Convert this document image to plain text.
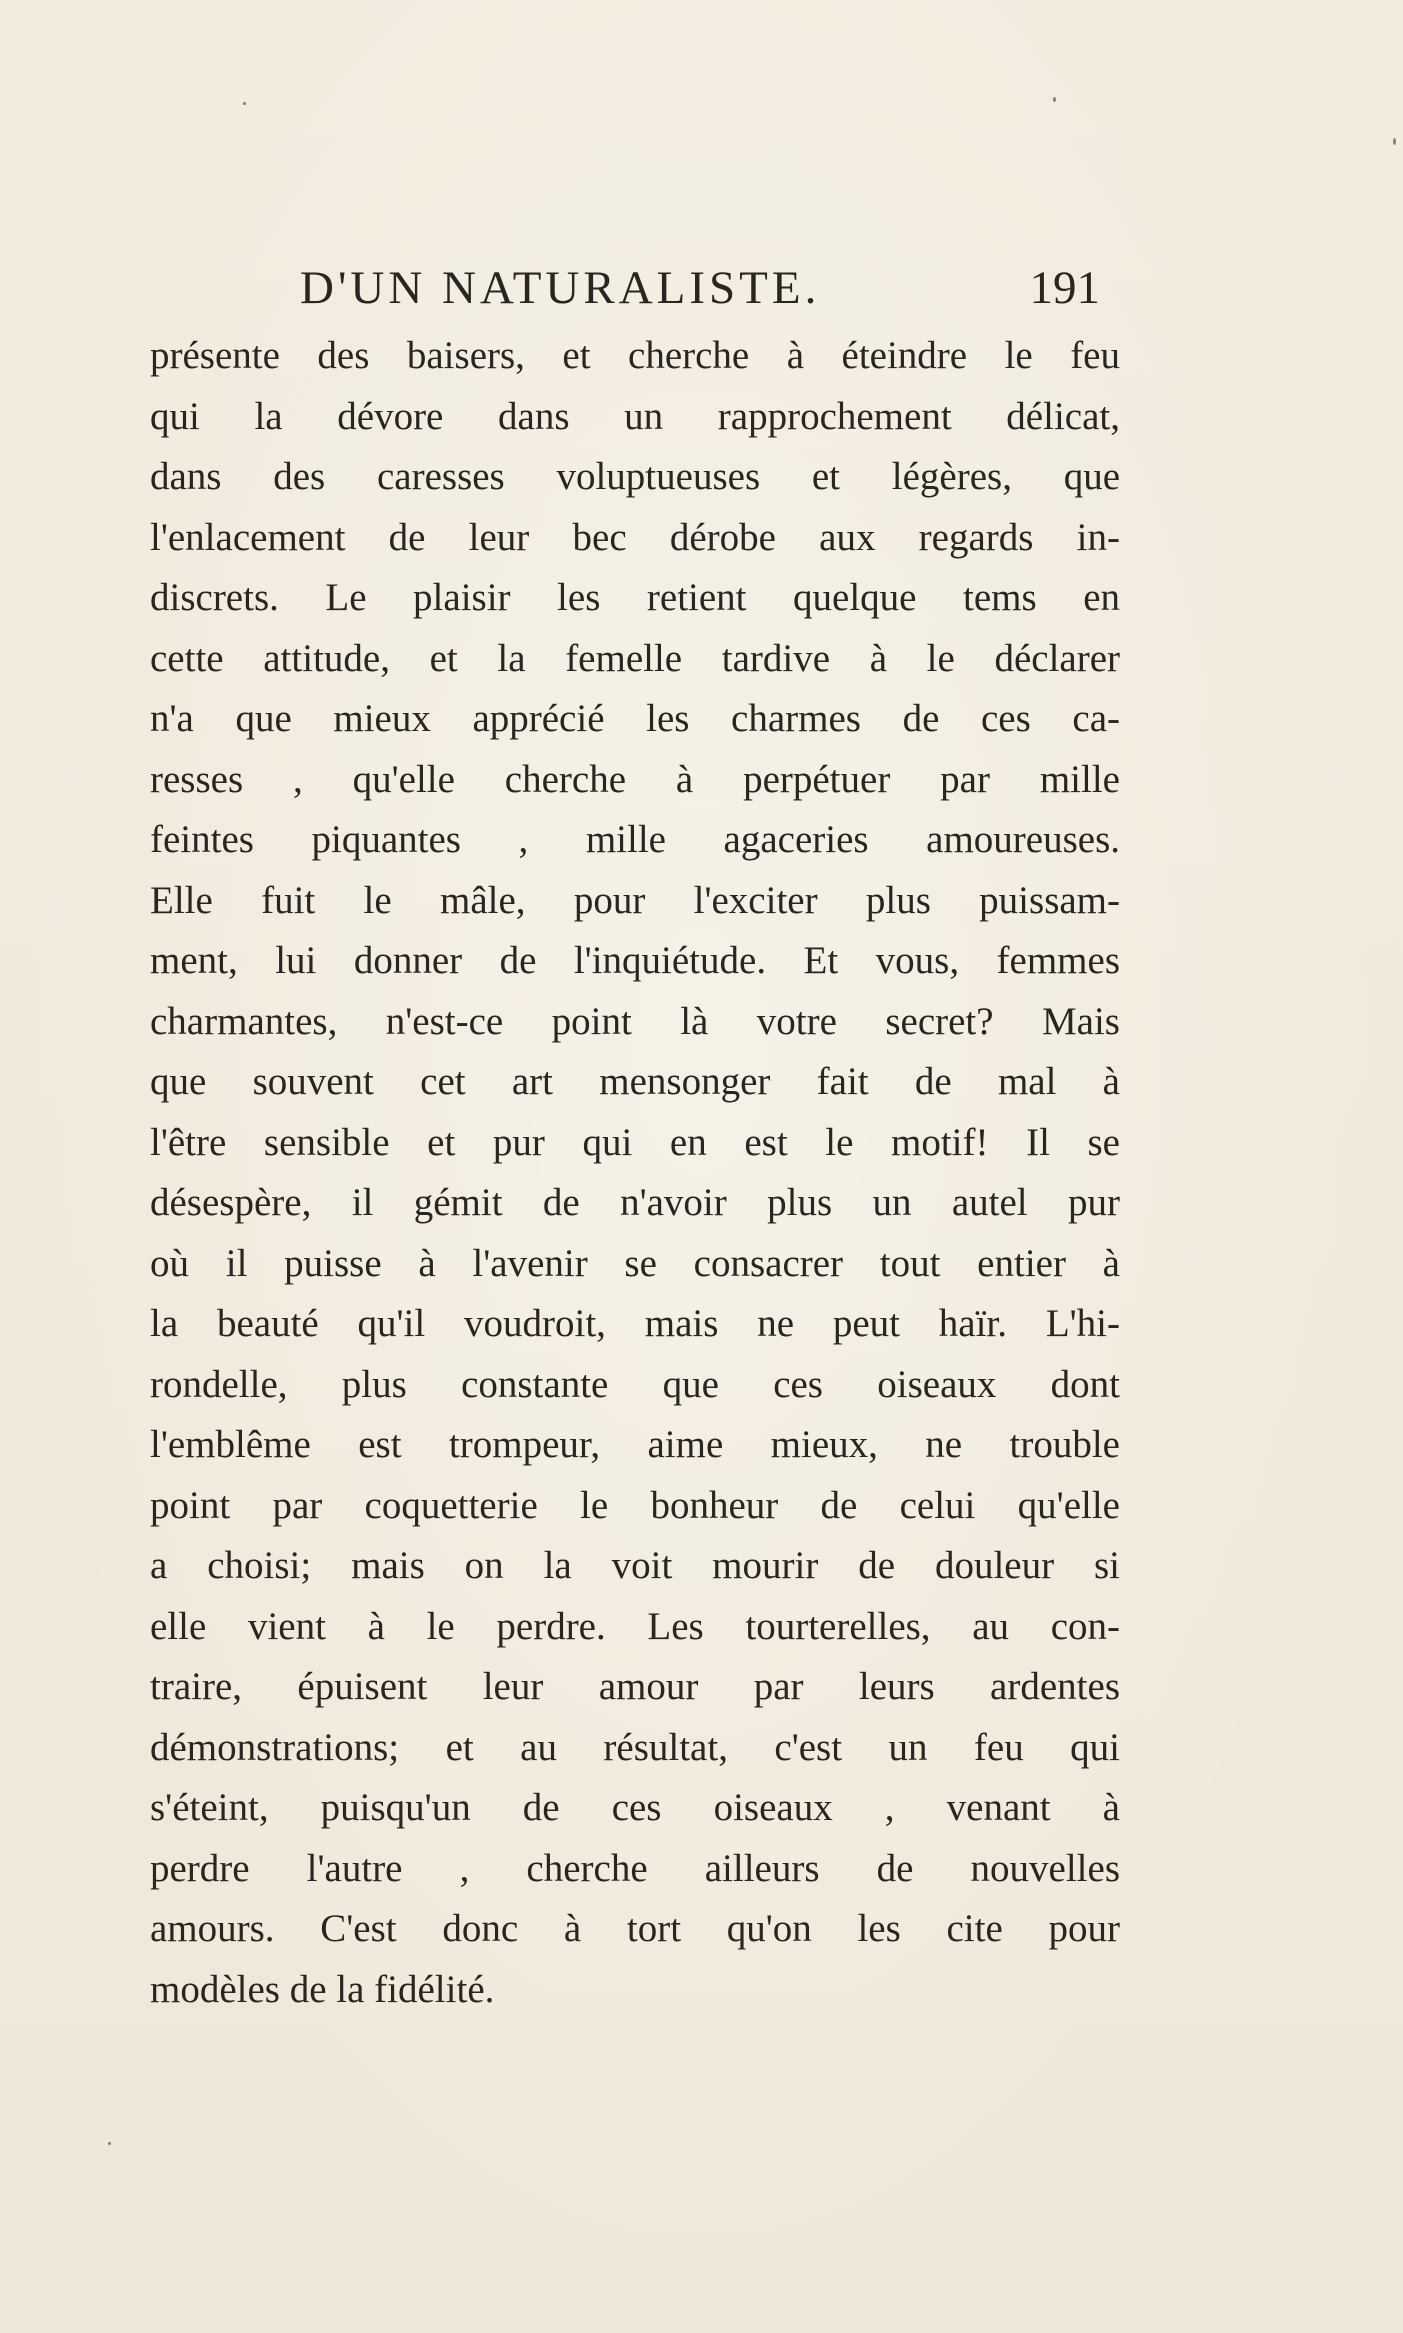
D'UN NATURALISTE.	191
présente des baisers, et cherche à éteindre le feu
qui la dévore dans un rapprochement délicat,
dans des caresses voluptueuses et légères, que
l'enlacement de leur bec dérobe aux regards in-
discrets. Le plaisir les retient quelque tems en
cette attitude, et la femelle tardive à le déclarer
n'a que mieux apprécié les charmes de ces ca-
resses , qu'elle cherche à perpétuer par mille
feintes piquantes , mille agaceries amoureuses.
Elle fuit le mâle, pour l'exciter plus puissam-
ment, lui donner de l'inquiétude. Et vous, femmes
charmantes, n'est-ce point là votre secret? Mais
que souvent cet art mensonger fait de mal à
l'être sensible et pur qui en est le motif! Il se
désespère, il gémit de n'avoir plus un autel pur
où il puisse à l'avenir se consacrer tout entier à
la beauté qu'il voudroit, mais ne peut haïr. L'hi-
rondelle, plus constante que ces oiseaux dont
l'emblême est trompeur, aime mieux, ne trouble
point par coquetterie le bonheur de celui qu'elle
a choisi; mais on la voit mourir de douleur si
elle vient à le perdre. Les tourterelles, au con-
traire, épuisent leur amour par leurs ardentes
démonstrations; et au résultat, c'est un feu qui
s'éteint, puisqu'un de ces oiseaux , venant à
perdre l'autre , cherche ailleurs de nouvelles
amours. C'est donc à tort qu'on les cite pour
modèles de la fidélité.
